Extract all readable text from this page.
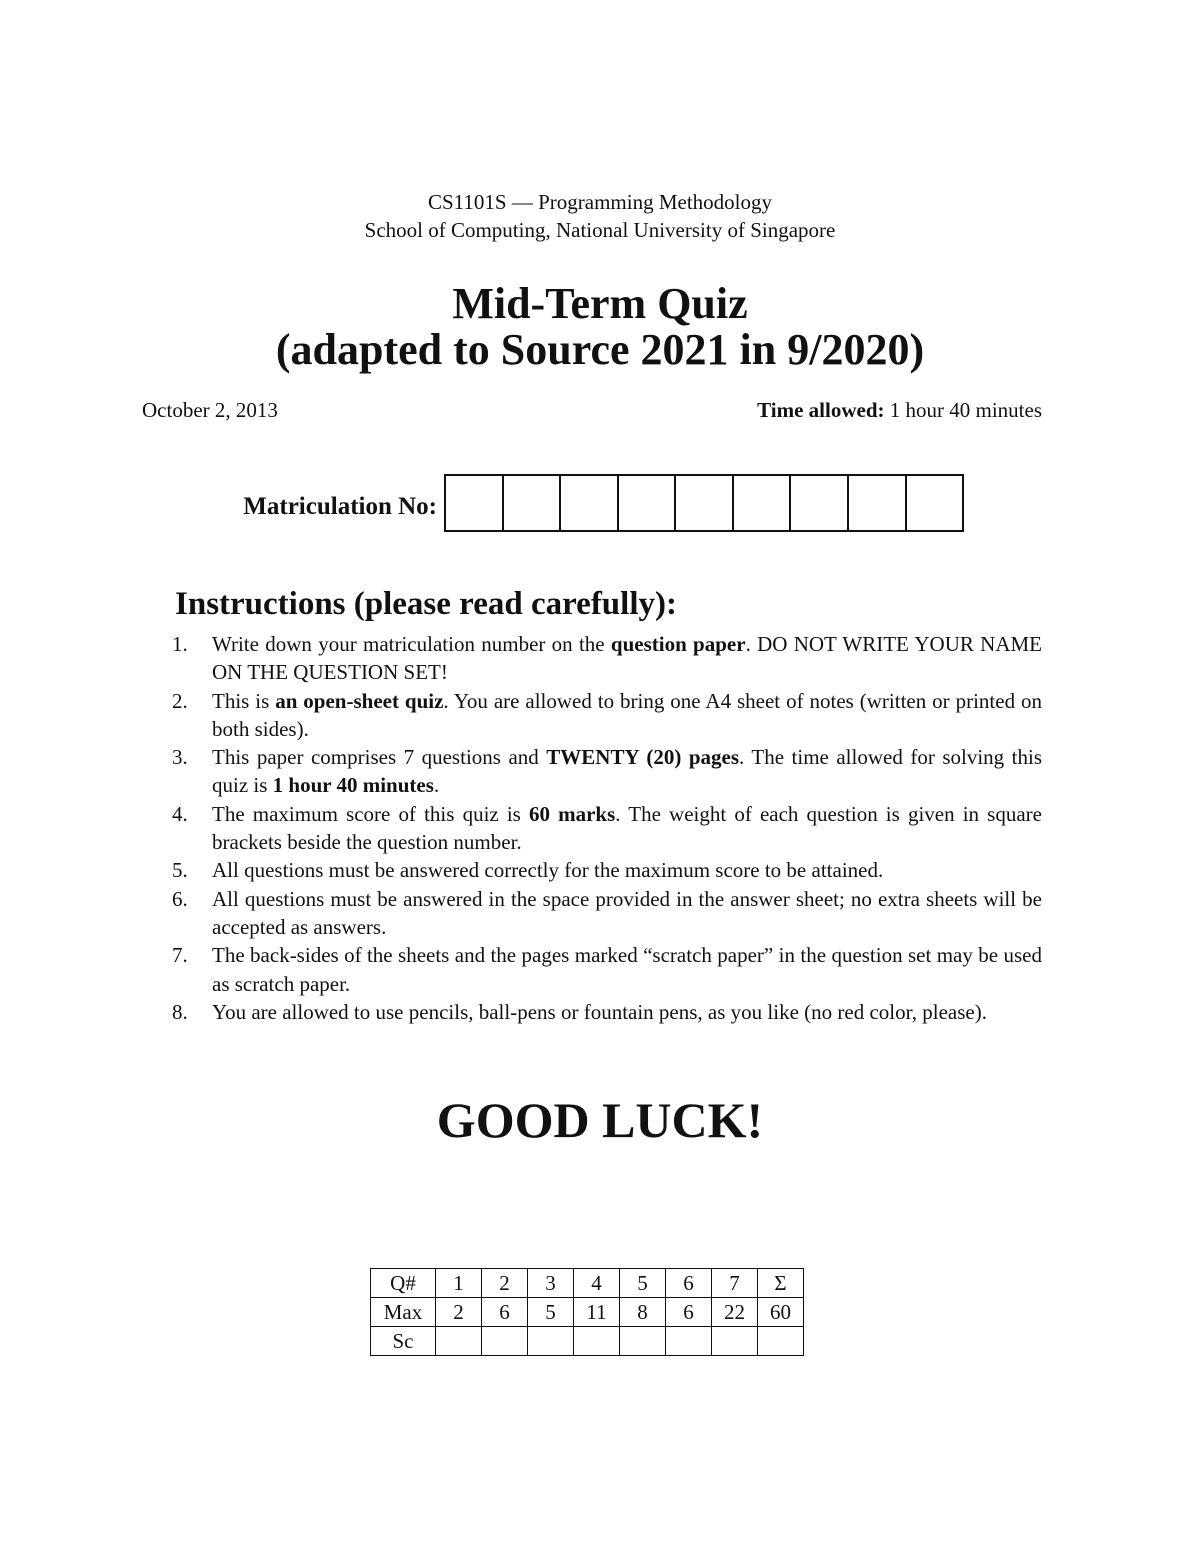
CS1101S — Programming Methodology
School of Computing, National University of Singapore
Mid-Term Quiz
(adapted to Source 2021 in 9/2020)
October 2, 2013	Time allowed: 1 hour 40 minutes
Matriculation No:
Instructions (please read carefully):
1.	Write down your matriculation number on the question paper. DO NOT WRITE YOUR NAME ON THE QUESTION SET!
2.	This is an open-sheet quiz. You are allowed to bring one A4 sheet of notes (written or printed on both sides).
3.	This paper comprises 7 questions and TWENTY (20) pages. The time allowed for solving this quiz is 1 hour 40 minutes.
4.	The maximum score of this quiz is 60 marks. The weight of each question is given in square brackets beside the question number.
5.	All questions must be answered correctly for the maximum score to be attained.
6.	All questions must be answered in the space provided in the answer sheet; no extra sheets will be accepted as answers.
7.	The back-sides of the sheets and the pages marked “scratch paper” in the question set may be used as scratch paper.
8.	You are allowed to use pencils, ball-pens or fountain pens, as you like (no red color, please).
GOOD LUCK!
Q#	1	2	3	4	5	6	7	Σ
Max	2	6	5	11	8	6	22	60
Sc								
